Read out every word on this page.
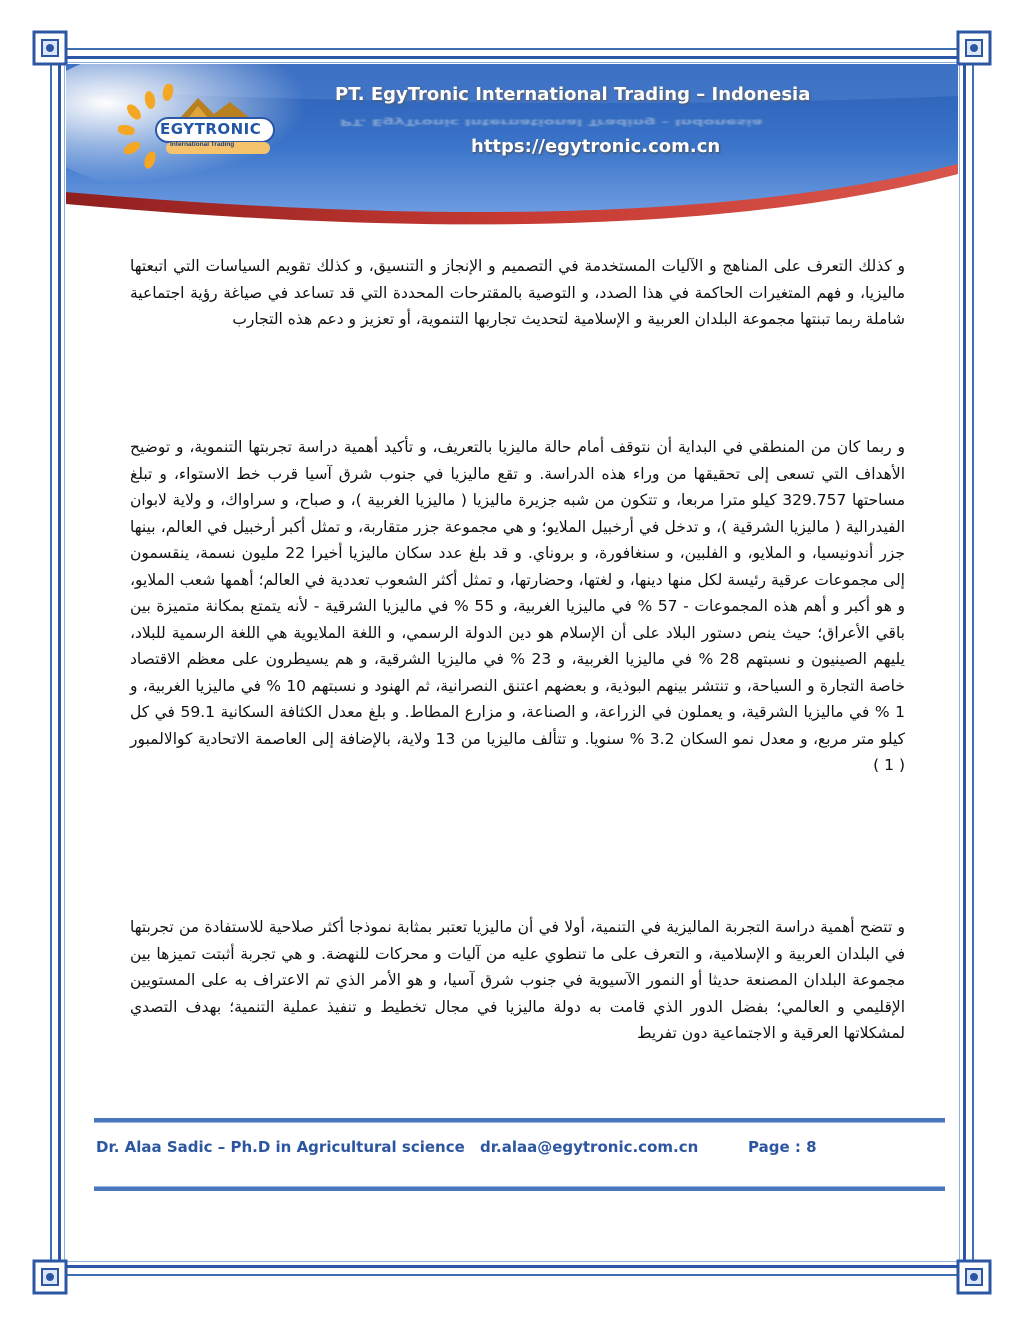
EGYTRONIC
International Trading
PT. EgyTronic International Trading – Indonesia
PT. EgyTronic International Trading – Indonesia
https://egytronic.com.cn
و كذلك التعرف على المناهج و الآليات المستخدمة في التصميم و الإنجاز و التنسيق، و كذلك تقويم السياسات التي اتبعتها ماليزيا، و فهم المتغيرات الحاكمة في هذا الصدد، و التوصية بالمقترحات المحددة التي قد تساعد في صياغة رؤية اجتماعية شاملة ربما تبنتها مجموعة البلدان العربية و الإسلامية لتحديث تجاربها التنموية، أو تعزيز و دعم هذه التجارب
و ربما كان من المنطقي في البداية أن نتوقف أمام حالة ماليزيا بالتعريف، و تأكيد أهمية دراسة تجربتها التنموية، و توضيح الأهداف التي تسعى إلى تحقيقها من وراء هذه الدراسة. و تقع ماليزيا في جنوب شرق آسيا قرب خط الاستواء، و تبلغ مساحتها 329.757 كيلو مترا مربعا، و تتكون من شبه جزيرة ماليزيا ( ماليزيا الغربية )، و صباح، و سراواك، و ولاية لابوان الفيدرالية ( ماليزيا الشرقية )، و تدخل في أرخبيل الملايو؛ و هي مجموعة جزر متقاربة، و تمثل أكبر أرخبيل في العالم، بينها جزر أندونيسيا، و الملايو، و الفلبين، و سنغافورة، و بروناي. و قد بلغ عدد سكان ماليزيا أخيرا 22 مليون نسمة، ينقسمون إلى مجموعات عرقية رئيسة لكل منها دينها، و لغتها، وحضارتها، و تمثل أكثر الشعوب تعددية في العالم؛ أهمها شعب الملايو، و هو أكبر و أهم هذه المجموعات - 57 % في ماليزيا الغربية، و 55 % في ماليزيا الشرقية - لأنه يتمتع بمكانة متميزة بين باقي الأعراق؛ حيث ينص دستور البلاد على أن الإسلام هو دين الدولة الرسمي، و اللغة الملايوية هي اللغة الرسمية للبلاد، يليهم الصينيون و نسبتهم 28 % في ماليزيا الغربية، و 23 % في ماليزيا الشرقية، و هم يسيطرون على معظم الاقتصاد خاصة التجارة و السياحة، و تنتشر بينهم البوذية، و بعضهم اعتنق النصرانية، ثم الهنود و نسبتهم 10 % في ماليزيا الغربية، و 1 % في ماليزيا الشرقية، و يعملون في الزراعة، و الصناعة، و مزارع المطاط. و بلغ معدل الكثافة السكانية 59.1 في كل كيلو متر مربع، و معدل نمو السكان 3.2 % سنويا. و تتألف ماليزيا من 13 ولاية، بالإضافة إلى العاصمة الاتحادية كوالالمبور ( 1 )
و تتضح أهمية دراسة التجربة الماليزية في التنمية، أولا في أن ماليزيا تعتبر بمثابة نموذجا أكثر صلاحية للاستفادة من تجربتها في البلدان العربية و الإسلامية، و التعرف على ما تنطوي عليه من آليات و محركات للنهضة. و هي تجربة أثبتت تميزها بين مجموعة البلدان المصنعة حديثا أو النمور الآسيوية في جنوب شرق آسيا، و هو الأمر الذي تم الاعتراف به على المستويين الإقليمي و العالمي؛ بفضل الدور الذي قامت به دولة ماليزيا في مجال تخطيط و تنفيذ عملية التنمية؛ بهدف التصدي لمشكلاتها العرقية و الاجتماعية دون تفريط
Dr. Alaa Sadic – Ph.D in Agricultural science dr.alaa@egytronic.com.cn	Page : 8
